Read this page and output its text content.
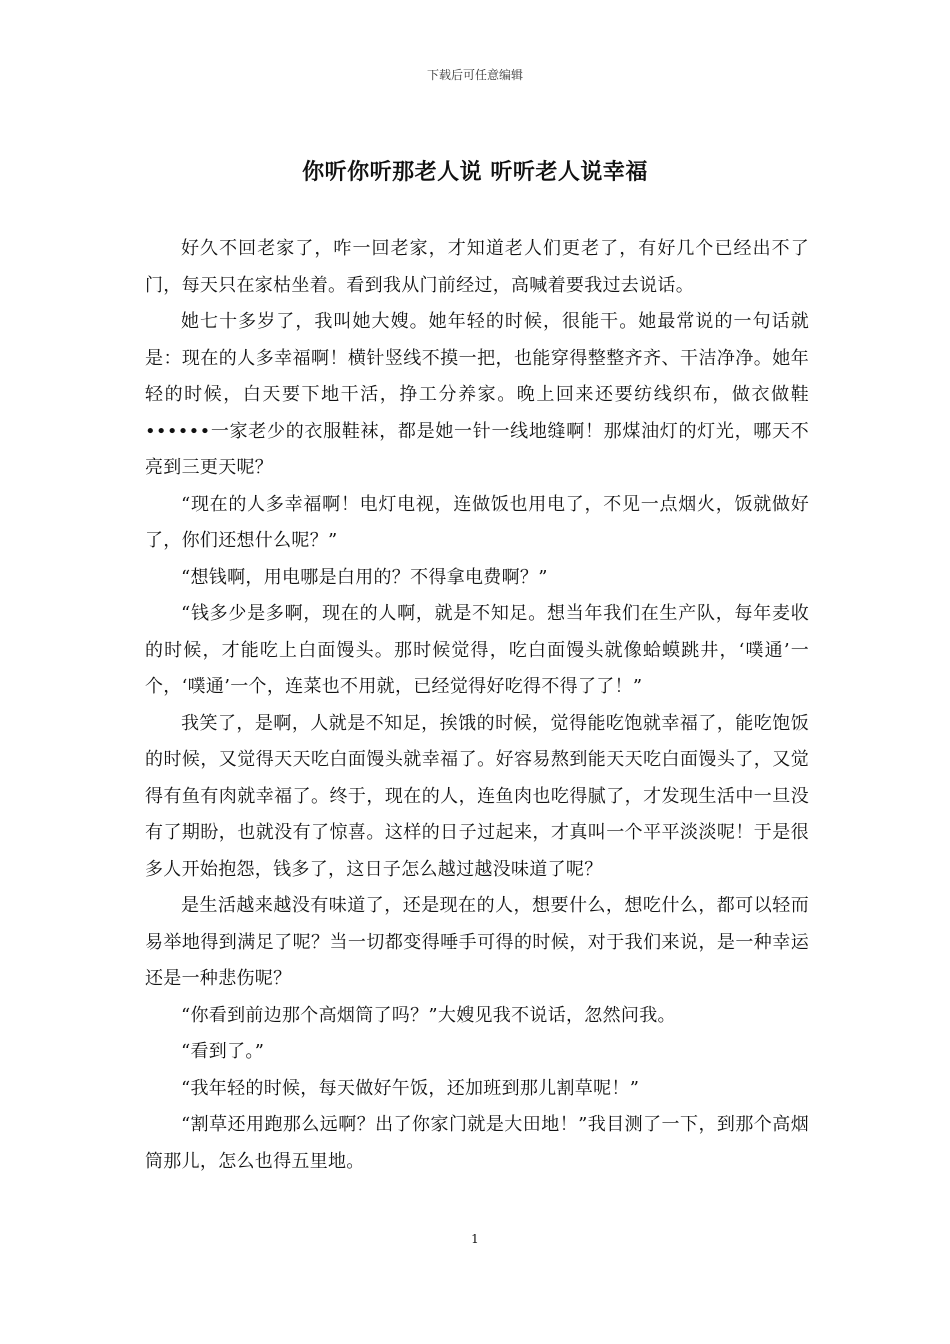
下载后可任意编辑
你听你听那老人说 听听老人说幸福

好久不回老家了，咋一回老家，才知道老人们更老了，有好几个已经出不了门，每天只在家枯坐着。看到我从门前经过，高喊着要我过去说话。

她七十多岁了，我叫她大嫂。她年轻的时候，很能干。她最常说的一句话就是：现在的人多幸福啊！横针竖线不摸一把，也能穿得整整齐齐、干洁净净。她年轻的时候，白天要下地干活，挣工分养家。晚上回来还要纺线织布，做衣做鞋••••••一家老少的衣服鞋袜，都是她一针一线地缝啊！那煤油灯的灯光，哪天不亮到三更天呢？

“现在的人多幸福啊！电灯电视，连做饭也用电了，不见一点烟火，饭就做好了，你们还想什么呢？”

“想钱啊，用电哪是白用的？不得拿电费啊？”

“钱多少是多啊，现在的人啊，就是不知足。想当年我们在生产队，每年麦收的时候，才能吃上白面馒头。那时候觉得，吃白面馒头就像蛤蟆跳井，‘噗通’一个，‘噗通’一个，连菜也不用就，已经觉得好吃得不得了了！”

我笑了，是啊，人就是不知足，挨饿的时候，觉得能吃饱就幸福了，能吃饱饭的时候，又觉得天天吃白面馒头就幸福了。好容易熬到能天天吃白面馒头了，又觉得有鱼有肉就幸福了。终于，现在的人，连鱼肉也吃得腻了，才发现生活中一旦没有了期盼，也就没有了惊喜。这样的日子过起来，才真叫一个平平淡淡呢！于是很多人开始抱怨，钱多了，这日子怎么越过越没味道了呢？

是生活越来越没有味道了，还是现在的人，想要什么，想吃什么，都可以轻而易举地得到满足了呢？当一切都变得唾手可得的时候，对于我们来说，是一种幸运还是一种悲伤呢？

“你看到前边那个高烟筒了吗？”大嫂见我不说话，忽然问我。

“看到了。”

“我年轻的时候，每天做好午饭，还加班到那儿割草呢！”

“割草还用跑那么远啊？出了你家门就是大田地！”我目测了一下，到那个高烟筒那儿，怎么也得五里地。

1
